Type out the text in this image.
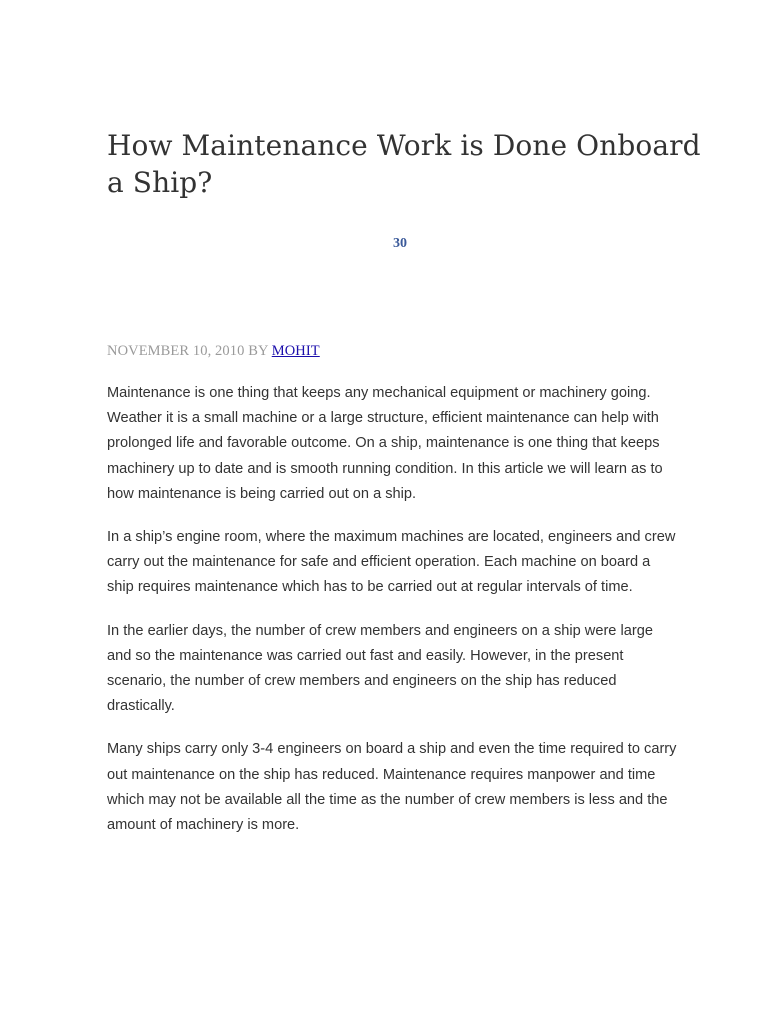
How Maintenance Work is Done Onboard a Ship?
30
NOVEMBER 10, 2010 BY MOHIT

Maintenance is one thing that keeps any mechanical equipment or machinery going.
Weather it is a small machine or a large structure, efficient maintenance can help with
prolonged life and favorable outcome. On a ship, maintenance is one thing that keeps
machinery up to date and is smooth running condition. In this article we will learn as to
how maintenance is being carried out on a ship.

In a ship’s engine room, where the maximum machines are located, engineers and crew
carry out the maintenance for safe and efficient operation. Each machine on board a
ship requires maintenance which has to be carried out at regular intervals of time.

In the earlier days, the number of crew members and engineers on a ship were large
and so the maintenance was carried out fast and easily. However, in the present
scenario, the number of crew members and engineers on the ship has reduced
drastically.

Many ships carry only 3-4 engineers on board a ship and even the time required to carry
out maintenance on the ship has reduced. Maintenance requires manpower and time
which may not be available all the time as the number of crew members is less and the
amount of machinery is more.
